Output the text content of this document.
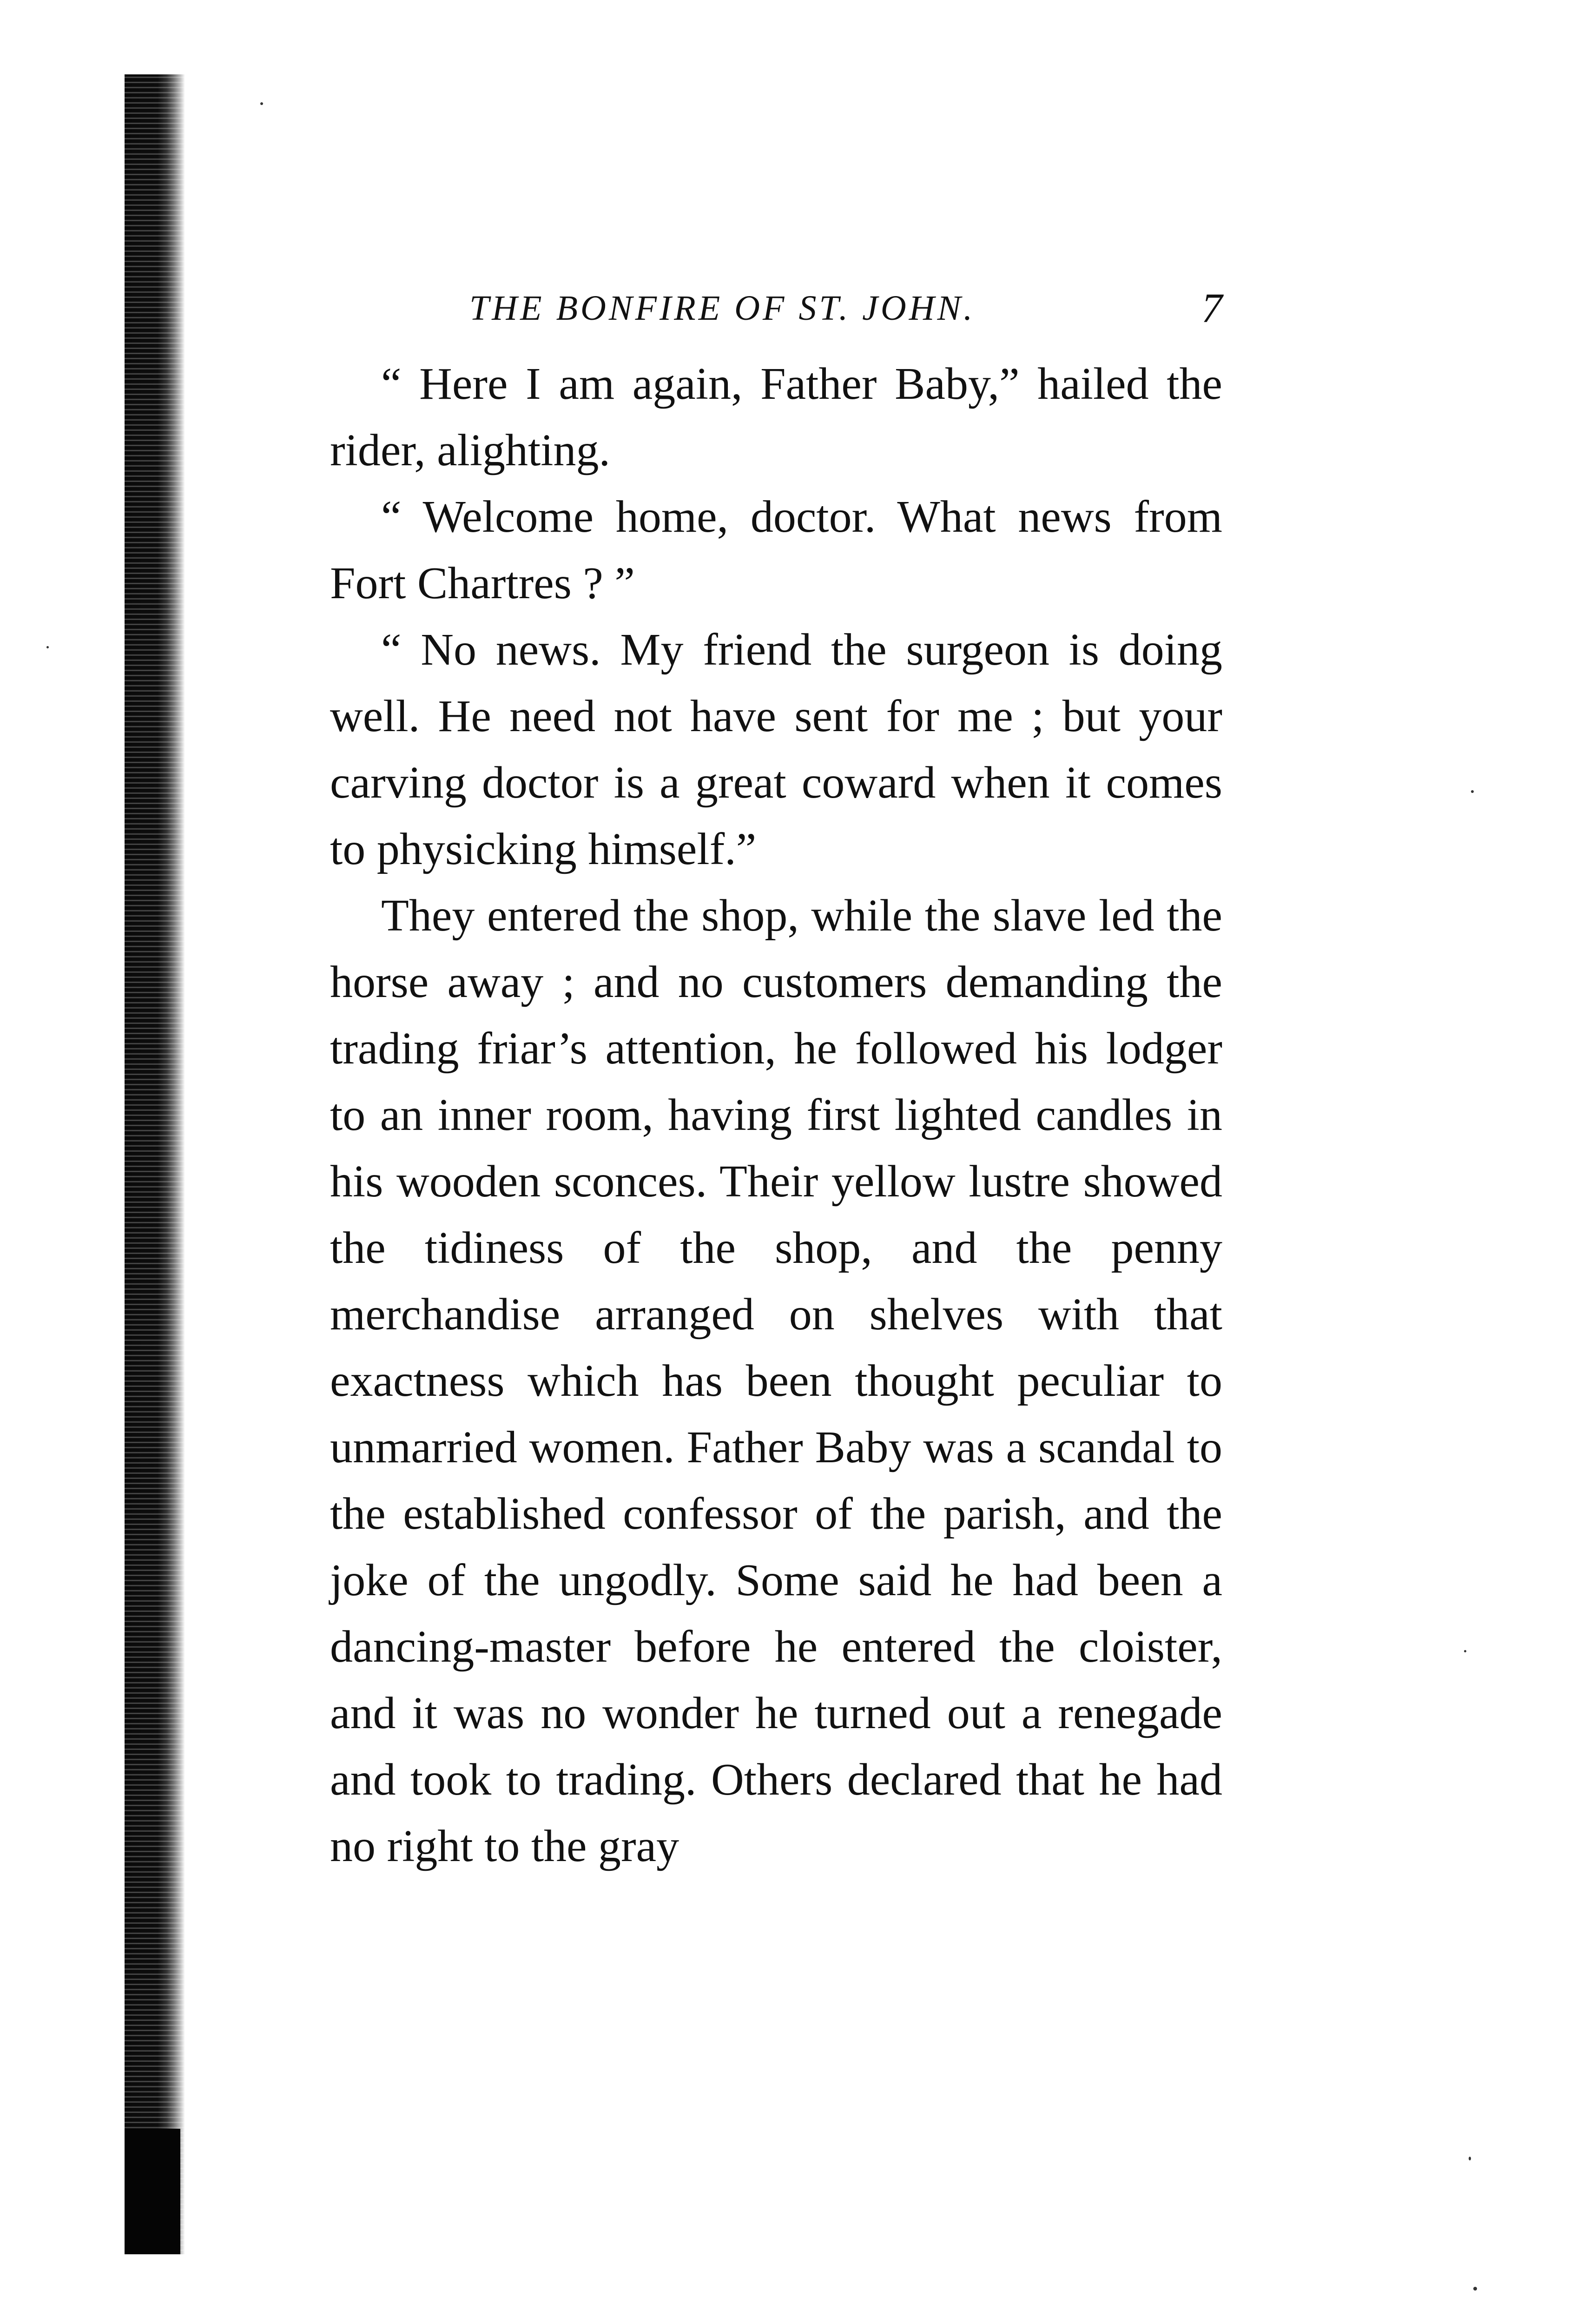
THE BONFIRE OF ST. JOHN.	7

“ Here I am again, Father Baby,” hailed the rider, alighting.

“ Welcome home, doctor. What news from Fort Chartres ? ”

“ No news. My friend the surgeon is doing well. He need not have sent for me ; but your carving doctor is a great coward when it comes to physicking himself.”

They entered the shop, while the slave led the horse away ; and no customers demanding the trading friar’s attention, he followed his lodger to an inner room, having first lighted candles in his wooden sconces. Their yellow lustre showed the tidiness of the shop, and the penny merchandise arranged on shelves with that exactness which has been thought peculiar to unmarried women. Father Baby was a scandal to the established confessor of the parish, and the joke of the ungodly. Some said he had been a dancing-master before he entered the cloister, and it was no wonder he turned out a renegade and took to trading. Others declared that he had no right to the gray
